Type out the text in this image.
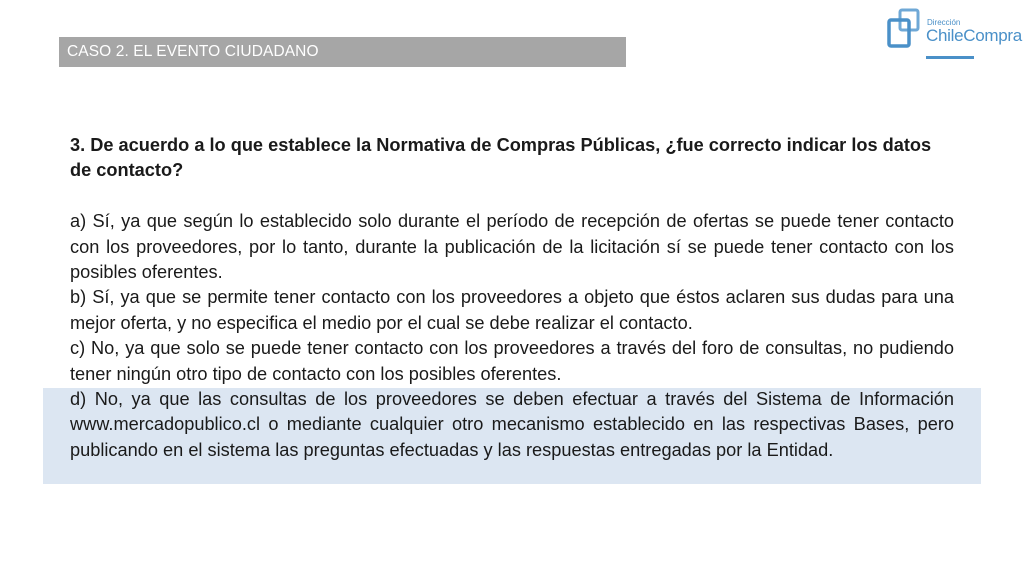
CASO 2. EL EVENTO CIUDADANO
Dirección
ChileCompra

3. De acuerdo a lo que establece la Normativa de Compras Públicas, ¿fue correcto indicar los datos de contacto?

a) Sí, ya que según lo establecido solo durante el período de recepción de ofertas se puede tener contacto con los proveedores, por lo tanto, durante la publicación de la licitación sí se puede tener contacto con los posibles oferentes.

b) Sí, ya que se permite tener contacto con los proveedores a objeto que éstos aclaren sus dudas para una mejor oferta, y no especifica el medio por el cual se debe realizar el contacto.

c) No, ya que solo se puede tener contacto con los proveedores a través del foro de consultas, no pudiendo tener ningún otro tipo de contacto con los posibles oferentes.

d) No, ya que las consultas de los proveedores se deben efectuar a través del Sistema de Información www.mercadopublico.cl o mediante cualquier otro mecanismo establecido en las respectivas Bases, pero publicando en el sistema las preguntas efectuadas y las respuestas entregadas por la Entidad.
